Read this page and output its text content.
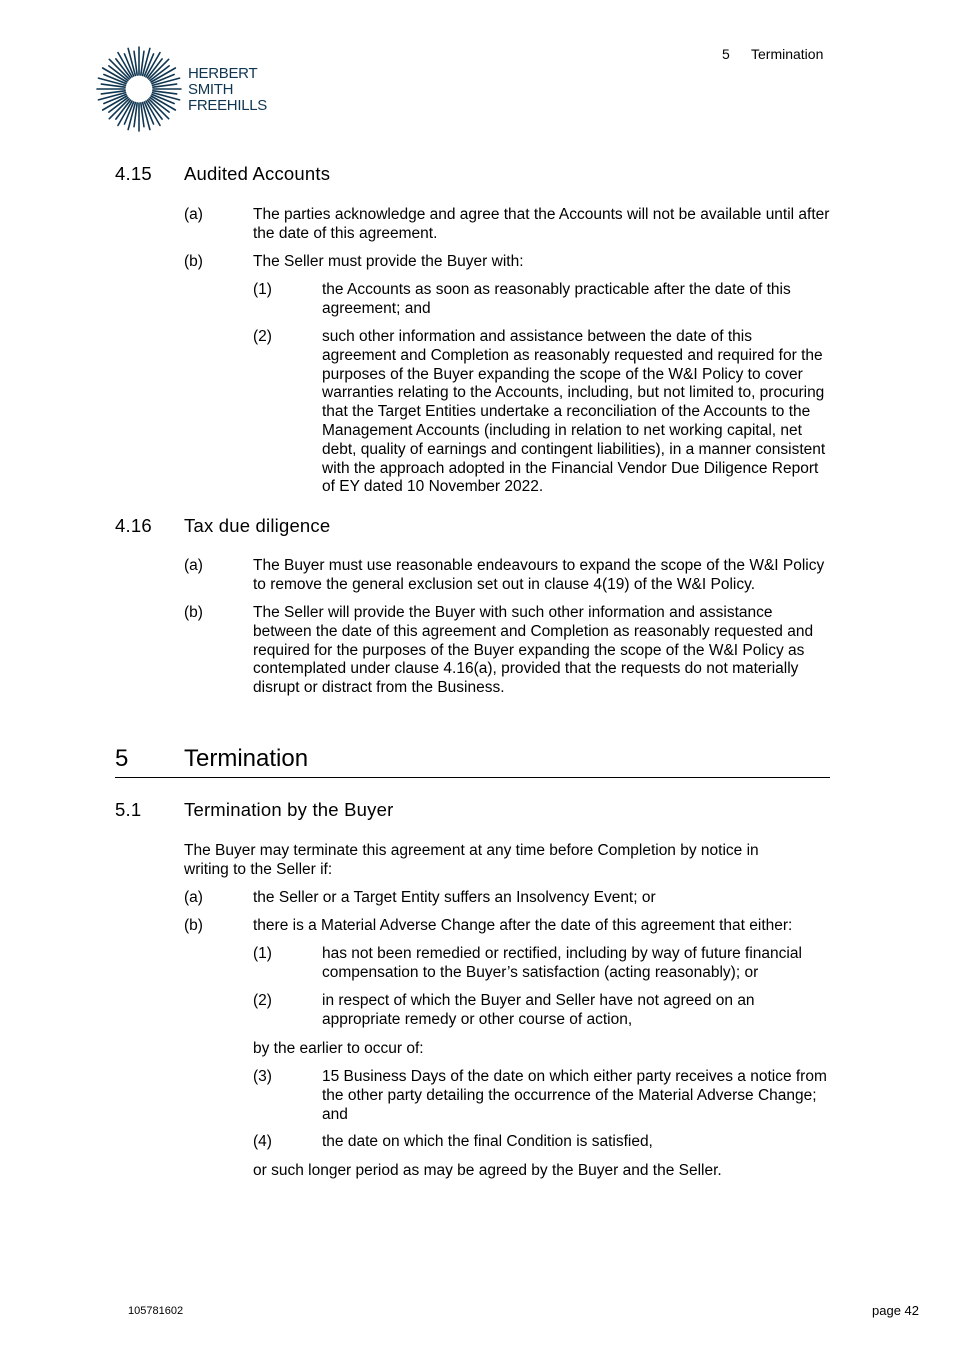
HERBERT
SMITH
FREEHILLS
5 Termination
4.15 Audited Accounts
(a)	The parties acknowledge and agree that the Accounts will not be available until after the date of this agreement.
(b)	The Seller must provide the Buyer with:
(1)	the Accounts as soon as reasonably practicable after the date of this agreement; and
(2)	such other information and assistance between the date of this agreement and Completion as reasonably requested and required for the purposes of the Buyer expanding the scope of the W&I Policy to cover warranties relating to the Accounts, including, but not limited to, procuring that the Target Entities undertake a reconciliation of the Accounts to the Management Accounts (including in relation to net working capital, net debt, quality of earnings and contingent liabilities), in a manner consistent with the approach adopted in the Financial Vendor Due Diligence Report of EY dated 10 November 2022.
4.16 Tax due diligence
(a)	The Buyer must use reasonable endeavours to expand the scope of the W&I Policy to remove the general exclusion set out in clause 4(19) of the W&I Policy.
(b)	The Seller will provide the Buyer with such other information and assistance between the date of this agreement and Completion as reasonably requested and required for the purposes of the Buyer expanding the scope of the W&I Policy as contemplated under clause 4.16(a), provided that the requests do not materially disrupt or distract from the Business.
5 Termination
5.1 Termination by the Buyer
The Buyer may terminate this agreement at any time before Completion by notice in writing to the Seller if:
(a)	the Seller or a Target Entity suffers an Insolvency Event; or
(b)	there is a Material Adverse Change after the date of this agreement that either:
(1)	has not been remedied or rectified, including by way of future financial compensation to the Buyer’s satisfaction (acting reasonably); or
(2)	in respect of which the Buyer and Seller have not agreed on an appropriate remedy or other course of action,
by the earlier to occur of:
(3)	15 Business Days of the date on which either party receives a notice from the other party detailing the occurrence of the Material Adverse Change; and
(4)	the date on which the final Condition is satisfied,
or such longer period as may be agreed by the Buyer and the Seller.
105781602	page 42
